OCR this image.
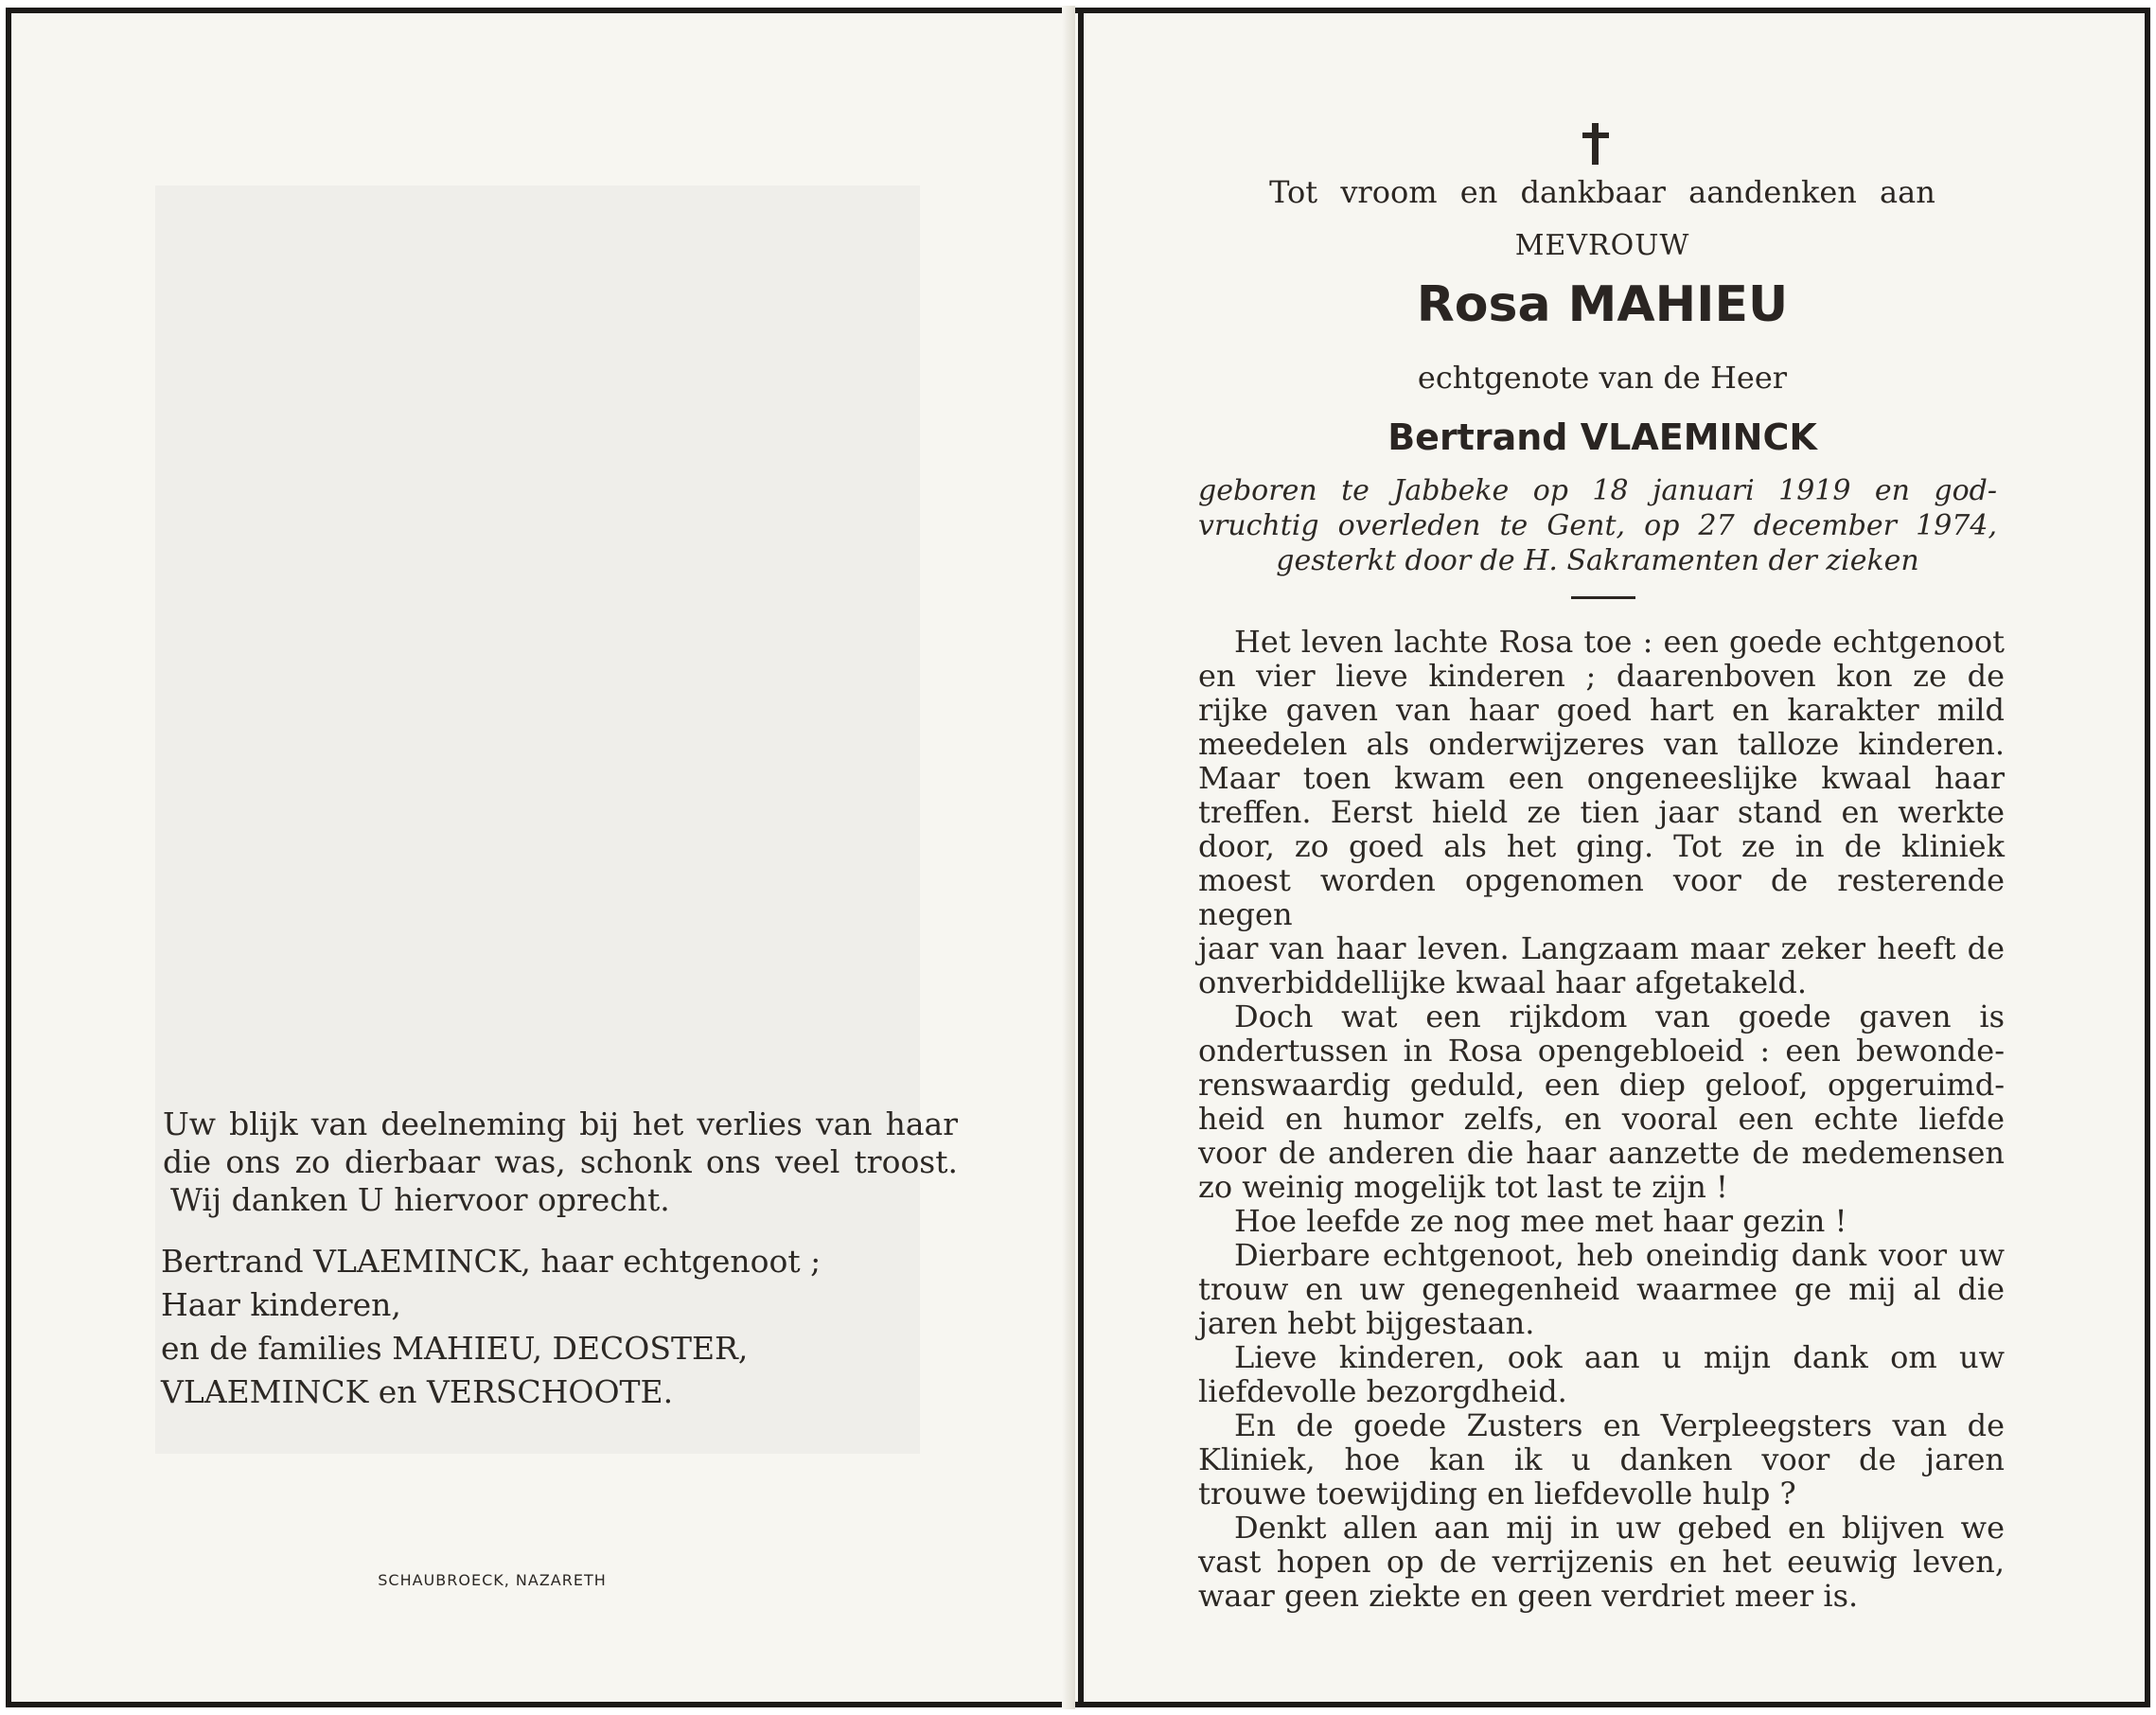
Uw blijk van deelneming bij het verlies van haar

die ons zo dierbaar was, schonk ons veel troost.

Wij danken U hiervoor oprecht.

Bertrand VLAEMINCK, haar echtgenoot ;
Haar kinderen,
en de families MAHIEU, DECOSTER,
VLAEMINCK en VERSCHOOTE.
SCHAUBROECK, NAZARETH
Tot vroom en dankbaar aandenken aan
MEVROUW
Rosa MAHIEU
echtgenote van de Heer
Bertrand VLAEMINCK

geboren te Jabbeke op 18 januari 1919 en god-

vruchtig overleden te Gent, op 27 december 1974,

gesterkt door de H. Sakramenten der zieken

Het leven lachte Rosa toe : een goede echtgenoot

en vier lieve kinderen ; daarenboven kon ze de

rijke gaven van haar goed hart en karakter mild

meedelen als onderwijzeres van talloze kinderen.

Maar toen kwam een ongeneeslijke kwaal haar

treffen. Eerst hield ze tien jaar stand en werkte

door, zo goed als het ging. Tot ze in de kliniek

moest worden opgenomen voor de resterende negen

jaar van haar leven. Langzaam maar zeker heeft de

onverbiddellijke kwaal haar afgetakeld.

Doch wat een rijkdom van goede gaven is

ondertussen in Rosa opengebloeid : een bewonde-

renswaardig geduld, een diep geloof, opgeruimd-

heid en humor zelfs, en vooral een echte liefde

voor de anderen die haar aanzette de medemensen

zo weinig mogelijk tot last te zijn !

Hoe leefde ze nog mee met haar gezin !

Dierbare echtgenoot, heb oneindig dank voor uw

trouw en uw genegenheid waarmee ge mij al die

jaren hebt bijgestaan.

Lieve kinderen, ook aan u mijn dank om uw

liefdevolle bezorgdheid.

En de goede Zusters en Verpleegsters van de

Kliniek, hoe kan ik u danken voor de jaren

trouwe toewijding en liefdevolle hulp ?

Denkt allen aan mij in uw gebed en blijven we

vast hopen op de verrijzenis en het eeuwig leven,

waar geen ziekte en geen verdriet meer is.
